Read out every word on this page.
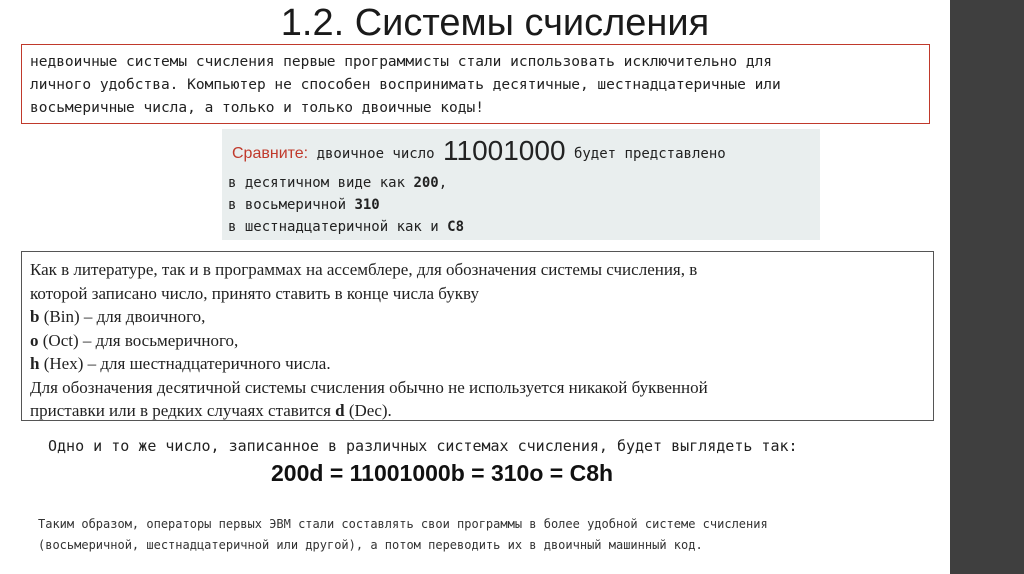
1.2. Системы счисления
недвоичные системы счисления первые программисты стали использовать исключительно для
личного удобства. Компьютер не способен воспринимать десятичные, шестнадцатеричные или
восьмеричные числа, а только и только двоичные коды!
Сравните: двоичное число 11001000 будет представлено
в десятичном виде как 200,
в восьмеричной 310
в шестнадцатеричной как и С8
Как в литературе, так и в программах на ассемблере, для обозначения системы счисления, в
которой записано число, принято ставить в конце числа букву
b (Bin) – для двоичного,
o (Oct) – для восьмеричного,
h (Hex) – для шестнадцатеричного числа.
Для обозначения десятичной системы счисления обычно не используется никакой буквенной
приставки или в редких случаях ставится d (Dec).
Одно и то же число, записанное в различных системах счисления, будет выглядеть так:
200d = 11001000b = 310o = C8h
Таким образом, операторы первых ЭВМ стали составлять свои программы в более удобной системе счисления
(восьмеричной, шестнадцатеричной или другой), а потом переводить их в двоичный машинный код.
